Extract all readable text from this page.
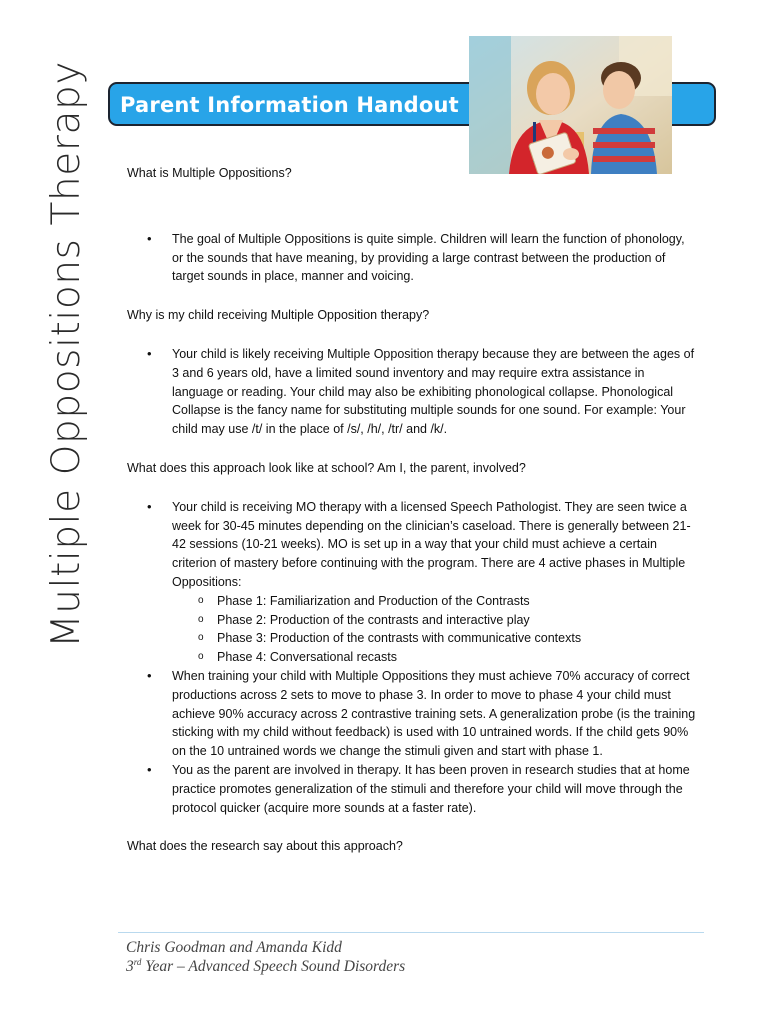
Multiple Oppositions Therapy Parent Information Handout

What is Multiple Oppositions?

• The goal of Multiple Oppositions is quite simple. Children will learn the function of phonology, or the sounds that have meaning, by providing a large contrast between the production of target sounds in place, manner and voicing.

Why is my child receiving Multiple Opposition therapy?

• Your child is likely receiving Multiple Opposition therapy because they are between the ages of 3 and 6 years old, have a limited sound inventory and may require extra assistance in language or reading. Your child may also be exhibiting phonological collapse. Phonological Collapse is the fancy name for substituting multiple sounds for one sound. For example: Your child may use /t/ in the place of /s/, /h/, /tr/ and /k/.

What does this approach look like at school? Am I, the parent, involved?

• Your child is receiving MO therapy with a licensed Speech Pathologist. They are seen twice a week for 30-45 minutes depending on the clinician’s caseload. There is generally between 21-42 sessions (10-21 weeks). MO is set up in a way that your child must achieve a certain criterion of mastery before continuing with the program. There are 4 active phases in Multiple Oppositions:
o Phase 1: Familiarization and Production of the Contrasts
o Phase 2: Production of the contrasts and interactive play
o Phase 3: Production of the contrasts with communicative contexts
o Phase 4: Conversational recasts
• When training your child with Multiple Oppositions they must achieve 70% accuracy of correct productions across 2 sets to move to phase 3. In order to move to phase 4 your child must achieve 90% accuracy across 2 contrastive training sets. A generalization probe (is the training sticking with my child without feedback) is used with 10 untrained words. If the child gets 90% on the 10 untrained words we change the stimuli given and start with phase 1.
• You as the parent are involved in therapy. It has been proven in research studies that at home practice promotes generalization of the stimuli and therefore your child will move through the protocol quicker (acquire more sounds at a faster rate).

What does the research say about this approach?

Chris Goodman and Amanda Kidd
3rd Year – Advanced Speech Sound Disorders
